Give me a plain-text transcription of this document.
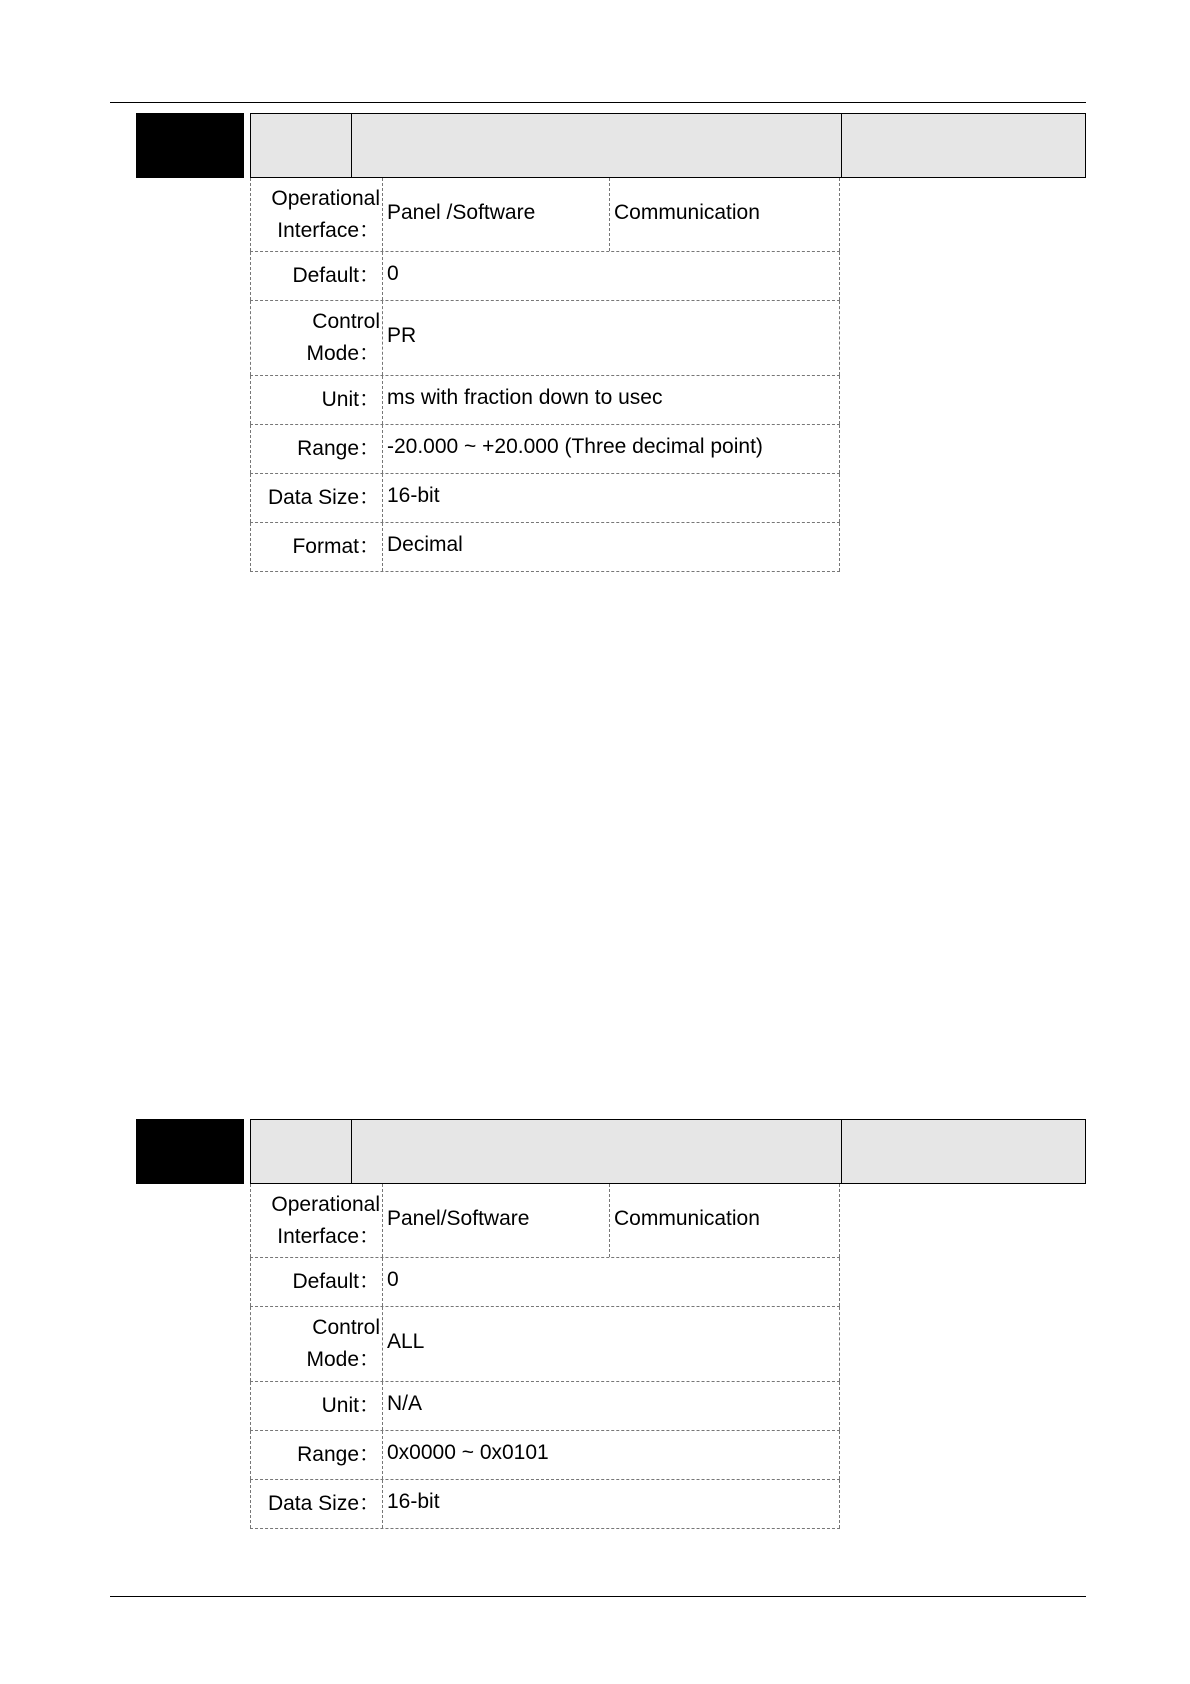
Operational
Interface：
Panel /Software	Communication
Default： 0
Control
Mode：
PR
Unit： ms with fraction down to usec
Range： -20.000 ~ +20.000 (Three decimal point)
Data Size： 16-bit
Format： Decimal
Operational
Interface：
Panel/Software	Communication
Default： 0
Control
Mode：
ALL
Unit： N/A
Range： 0x0000 ~ 0x0101
Data Size： 16-bit
